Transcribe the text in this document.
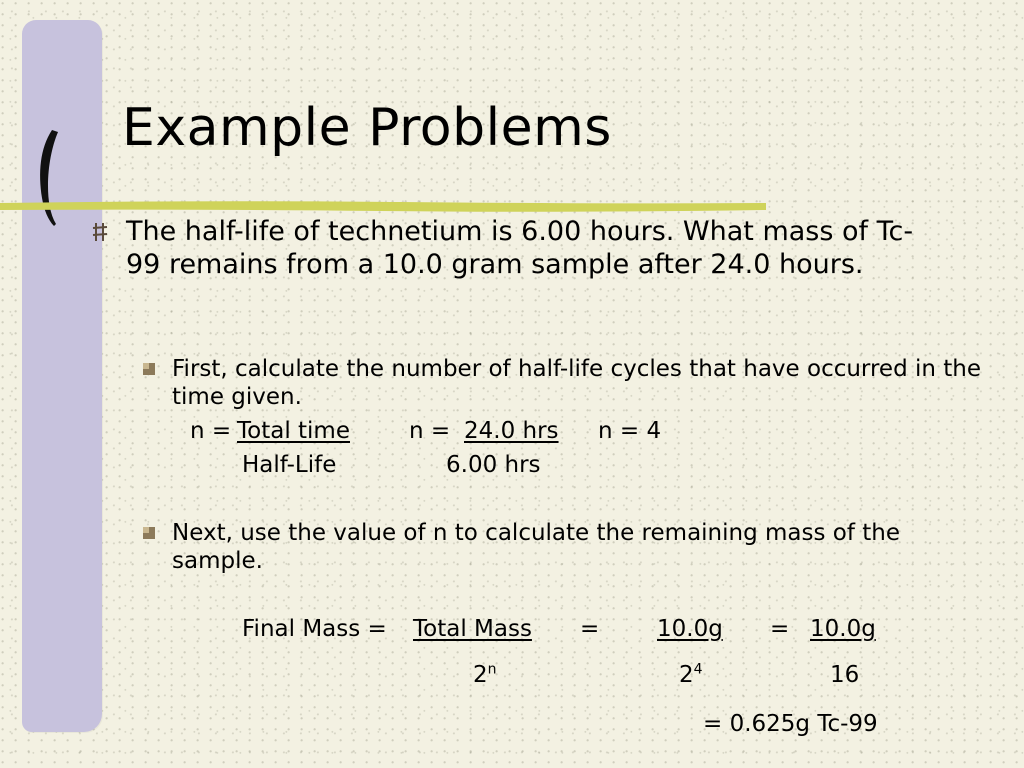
Example Problems
The half-life of technetium is 6.00 hours. What mass of Tc-99 remains from a 10.0 gram sample after 24.0 hours.
First, calculate the number of half-life cycles that have occurred in the time given.
n = Total time	n = 24.0 hrs n = 4
Half-Life	6.00 hrs
Next, use the value of n to calculate the remaining mass of the sample.
Final Mass = Total Mass =	10.0g = 10.0g
2$^n$	$2^4$	16
= 0.625g Tc-99
